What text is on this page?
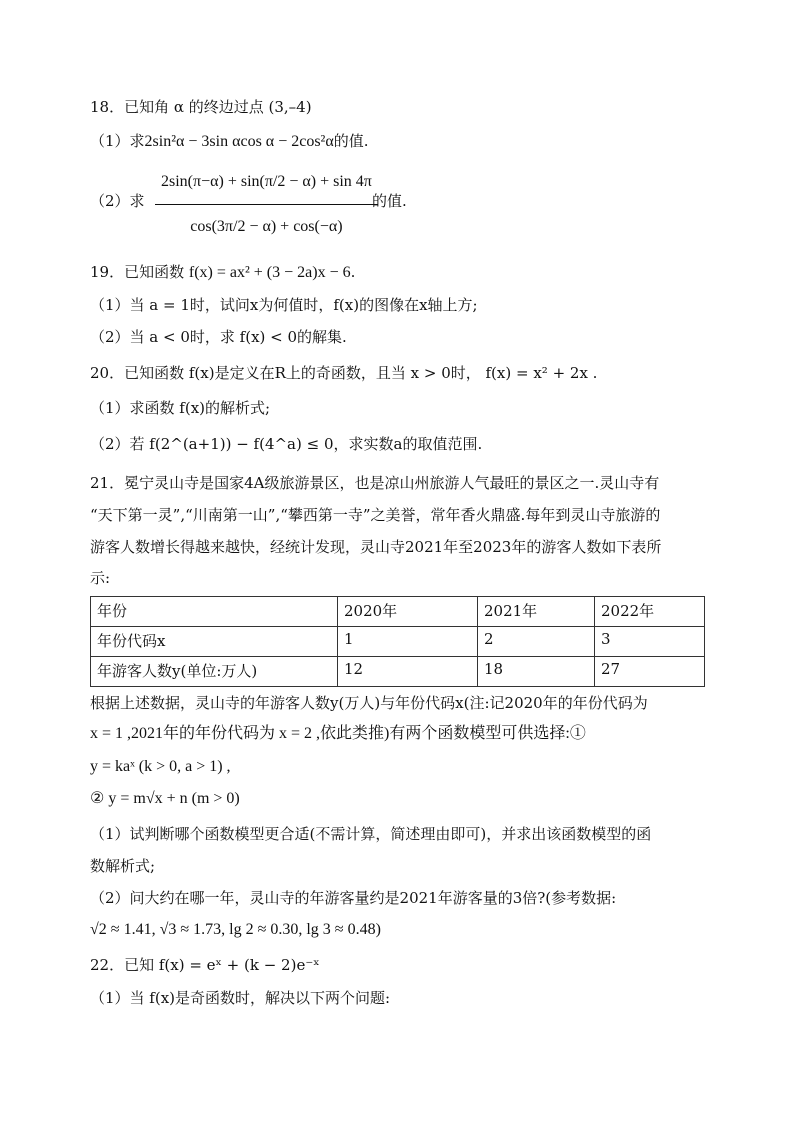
18．已知角 α 的终边过点 (3,–4)
（1）求2sin²α − 3sin αcos α − 2cos²α的值.
（2）求 $\frac{2\sin(\pi-\alpha) + \sin(\pi/2 - \alpha) + \sin 4\pi}{\cos(3\pi/2 - \alpha) + \cos(-\alpha)}$
的值.
19．已知函数 f(x) = ax² + (3 − 2a)x − 6.
（1）当 a = 1时，试问x为何值时，f(x)的图像在x轴上方;
（2）当 a < 0时，求 f(x) < 0的解集.
20．已知函数 f(x)是定义在R上的奇函数，且当 x > 0时， f(x) = x² + 2x .
（1）求函数 f(x)的解析式;
（2）若 f(2^(a+1)) − f(4^a) ≤ 0，求实数a的取值范围.
21．冕宁灵山寺是国家4A级旅游景区，也是凉山州旅游人气最旺的景区之一.灵山寺有
“天下第一灵”,“川南第一山”,“攀西第一寺”之美誉，常年香火鼎盛.每年到灵山寺旅游的
游客人数增长得越来越快，经统计发现，灵山寺2021年至2023年的游客人数如下表所
示:
年份	2020年	2021年	2022年
年份代码x	1	2	3
年游客人数y(单位:万人)	12	18	27
根据上述数据，灵山寺的年游客人数y(万人)与年份代码x(注:记2020年的年份代码为
x = 1 ,2021年的年份代码为 x = 2 ,依此类推)有两个函数模型可供选择:①
y = kaˣ (k > 0, a > 1) ,
② y = m√x + n (m > 0)
（1）试判断哪个函数模型更合适(不需计算，简述理由即可)，并求出该函数模型的函
数解析式;
（2）问大约在哪一年，灵山寺的年游客量约是2021年游客量的3倍?(参考数据:
√2 ≈ 1.41, √3 ≈ 1.73, lg 2 ≈ 0.30, lg 3 ≈ 0.48)
22．已知 f(x) = eˣ + (k − 2)e⁻ˣ
（1）当 f(x)是奇函数时，解决以下两个问题:
